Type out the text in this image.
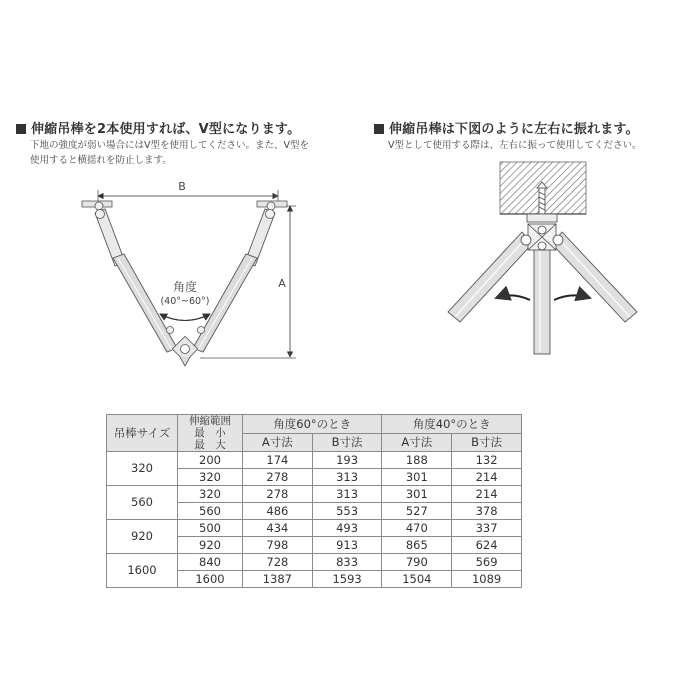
伸縮吊棒を2本使用すれば、V型になります。
下地の強度が弱い場合にはV型を使用してください。また、V型を
使用すると横揺れを防止します。
伸縮吊棒は下図のように左右に振れます。
V型として使用する際は、左右に振って使用してください。
B
A
角度
(40°~60°)
吊棒サイズ	伸縮範囲
最　小
最　大	角度60°のとき		角度40°のとき	
		A寸法	B寸法	A寸法	B寸法
320	200	174	193	188	132
	320	278	313	301	214
560	320	278	313	301	214
	560	486	553	527	378
920	500	434	493	470	337
	920	798	913	865	624
1600	840	728	833	790	569
	1600	1387	1593	1504	1089
